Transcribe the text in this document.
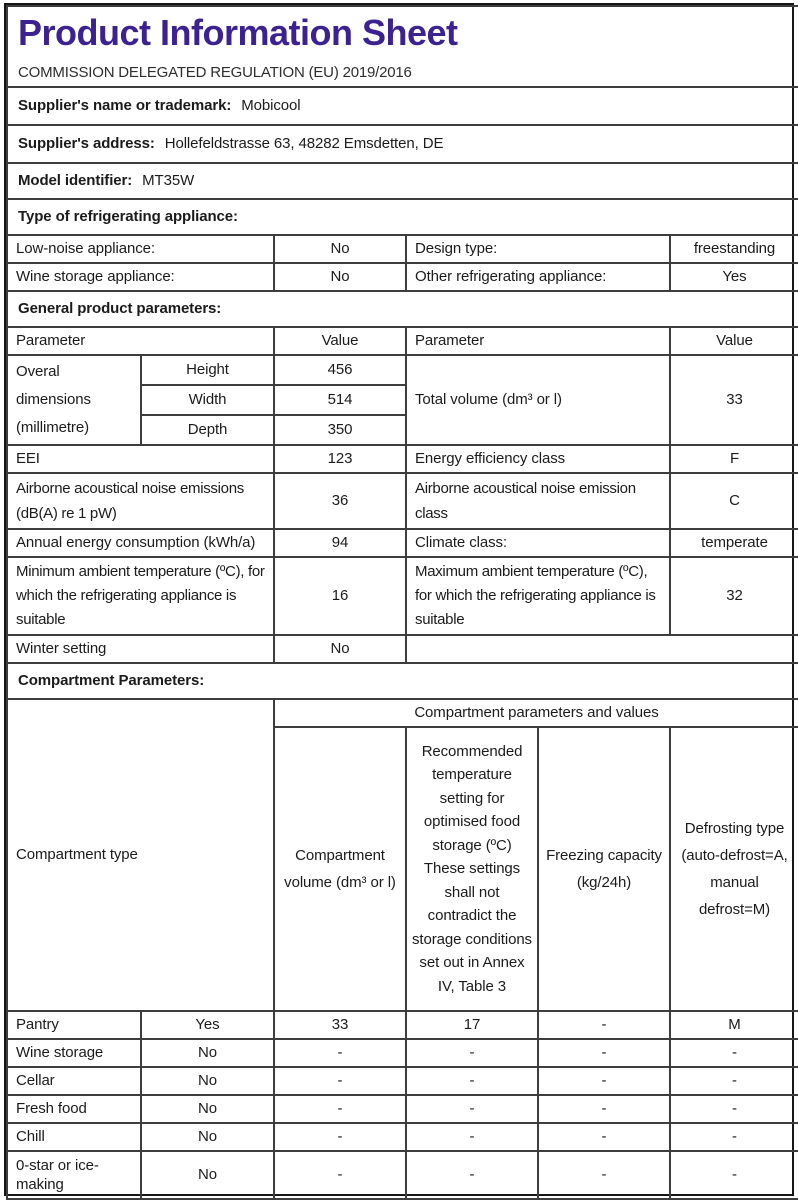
Product Information Sheet
COMMISSION DELEGATED REGULATION (EU) 2019/2016

Supplier's name or trademark: Mobicool					
Supplier's address: Hollefeldstrasse 63, 48282 Emsdetten, DE					
Model identifier: MT35W					
Type of refrigerating appliance:					
Low-noise appliance:		No	Design type:		freestanding
Wine storage appliance:		No	Other refrigerating appliance:		Yes
General product parameters:					
Parameter		Value	Parameter		Value
Overal dimensions (millimetre)	Height	456	Total volume (dm³ or l)		33
	Width	514			
	Depth	350			
EEI		123	Energy efficiency class		F
Airborne acoustical noise emissions (dB(A) re 1 pW)		36	Airborne acoustical noise emission class		C
Annual energy consumption (kWh/a)		94	Climate class:		temperate
Minimum ambient temperature (ºC), for which the refrigerating appliance is suitable		16	Maximum ambient temperature (ºC), for which the refrigerating appliance is suitable		32
Winter setting		No			
Compartment Parameters:					
Compartment type		Compartment parameters and values			
		Compartment volume (dm³ or l)	Recommended temperature setting for optimised food storage (ºC) These settings shall not contradict the storage conditions set out in Annex IV, Table 3	Freezing capacity (kg/24h)	Defrosting type (auto-defrost=A, manual defrost=M)
Pantry	Yes	33	17	-	M
Wine storage	No	-	-	-	-
Cellar	No	-	-	-	-
Fresh food	No	-	-	-	-
Chill	No	-	-	-	-
0-star or ice-making	No	-	-	-	-
